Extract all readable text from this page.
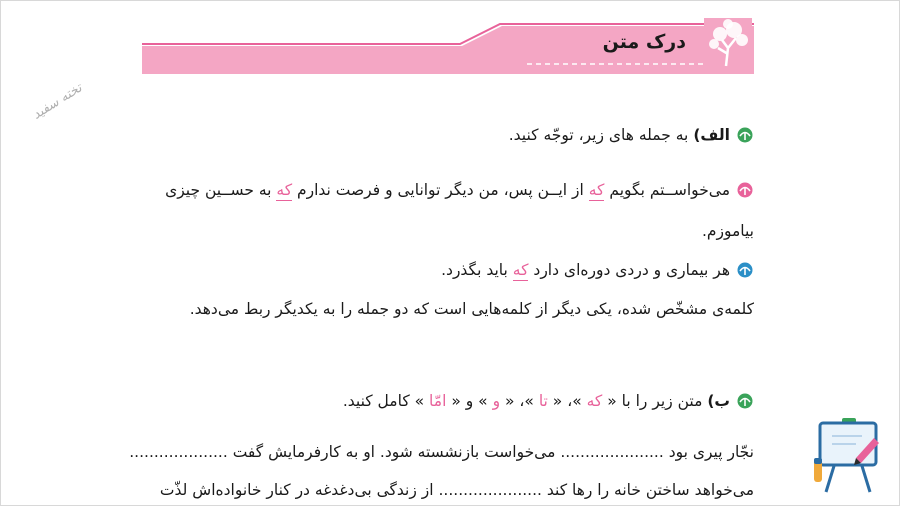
درک متن
تخته سفید
الف) به جمله های زیر، توجّه کنید.
می‌خواســتم بگویم که از ایــن پس، من دیگر توانایی و فرصت ندارم که به حســین چیزی
بیاموزم.
هر بیماری و دردی دوره‌ای دارد که باید بگذرد.
کلمه‌ی مشخّص شده، یکی دیگر از کلمه‌هایی است که دو جمله را به یکدیگر ربط می‌دهد.
ب) متن زیر را با « که »، « تا »، « و » و « امّا » کامل کنید.
نجّار پیری بود ..................... می‌خواست بازنشسته شود. او به کارفرمایش گفت ....................
می‌خواهد ساختن خانه را رها کند ..................... از زندگی بی‌دغدغه در کنار خانواده‌اش لذّت
